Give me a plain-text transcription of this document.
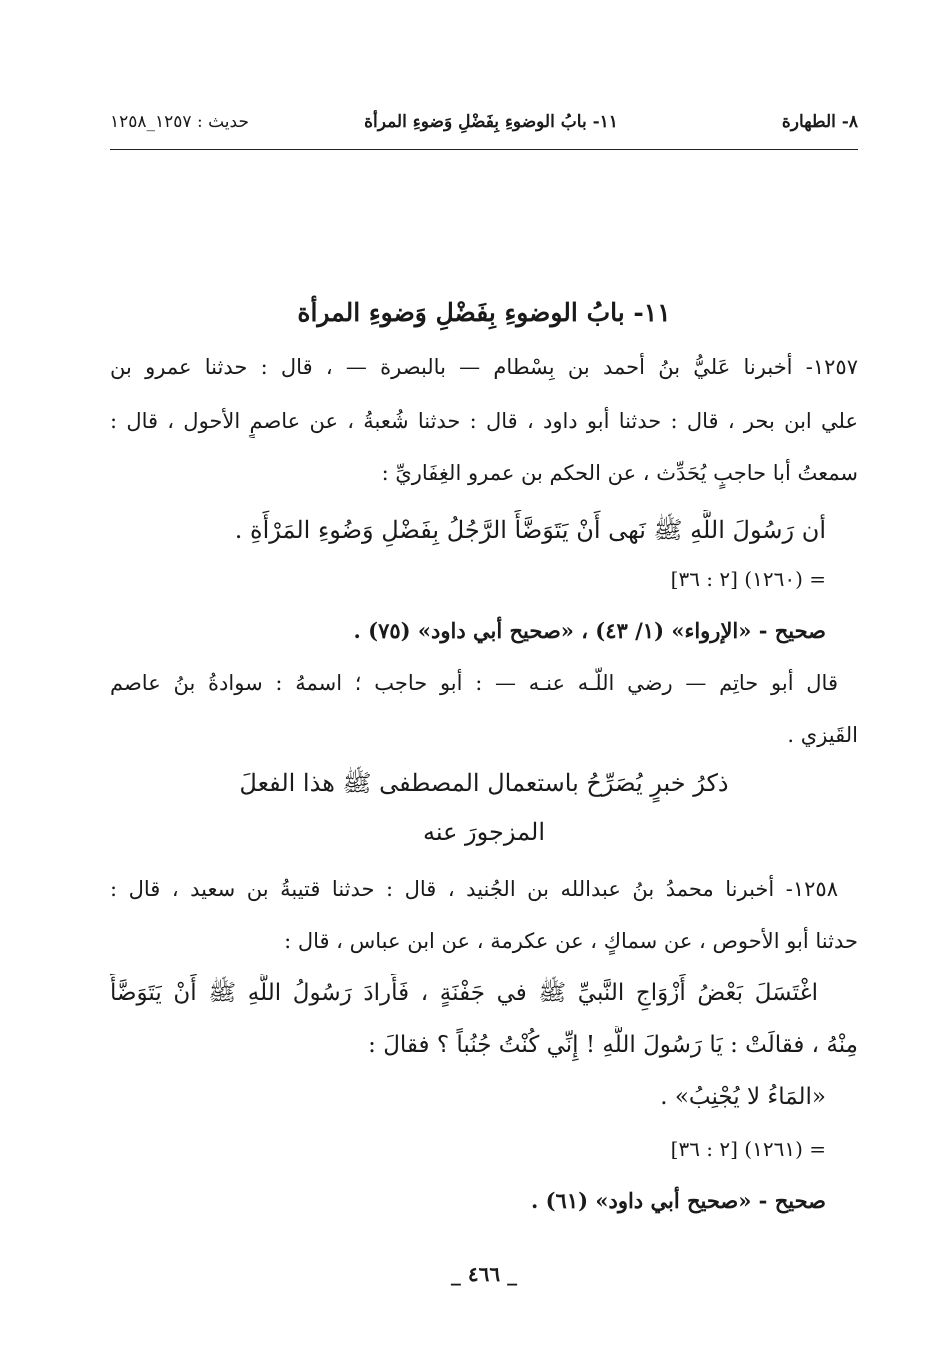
٨- الطهارة
١١- بابُ الوضوءِ بِفَضْلِ وَضوءِ المرأة
حديث : ١٢٥٧_١٢٥٨
١١- بابُ الوضوءِ بِفَضْلِ وَضوءِ المرأة
١٢٥٧- أخبرنا عَليُّ بنُ أحمد بن بِسْطام — بالبصرة — ، قال : حدثنا عمرو بن
علي ابن بحر ، قال : حدثنا أبو داود ، قال : حدثنا شُعبةُ ، عن عاصمٍ الأحول ، قال :
سمعتُ أبا حاجبٍ يُحَدِّث ، عن الحكم بن عمرو الغِفَاريِّ :
أن رَسُولَ اللَّهِ ﷺ نَهى أَنْ يَتَوَضَّأَ الرَّجُلُ بِفَضْلِ وَضُوءِ المَرْأَةِ .
= (١٢٦٠) [٢ : ٣٦]
صحيح - «الإرواء» (١/ ٤٣) ، «صحيح أبي داود» (٧٥) .
قال أبو حاتِم — رضي اللّـه عنـه — : أبو حاجب ؛ اسمهُ : سوادةُ بنُ عاصم
القَيزي .
ذكرُ خبرٍ يُصَرِّحُ باستعمال المصطفى ﷺ هذا الفعلَ
المزجورَ عنه
١٢٥٨- أخبرنا محمدُ بنُ عبدالله بن الجُنيد ، قال : حدثنا قتيبةُ بن سعيد ، قال :
حدثنا أبو الأحوص ، عن سماكٍ ، عن عكرمة ، عن ابن عباس ، قال :
اغْتَسَلَ بَعْضُ أَزْوَاجِ النَّبيِّ ﷺ في جَفْنَةٍ ، فَأَرادَ رَسُولُ اللَّهِ ﷺ أَنْ يَتَوَضَّأَ
مِنْهُ ، فقالَتْ : يَا رَسُولَ اللَّهِ ! إِنِّي كُنْتُ جُنُباً ؟ فقالَ :
«المَاءُ لا يُجْنِبُ» .
= (١٢٦١) [٢ : ٣٦]
صحيح - «صحيح أبي داود» (٦١) .
_ ٤٦٦ _
